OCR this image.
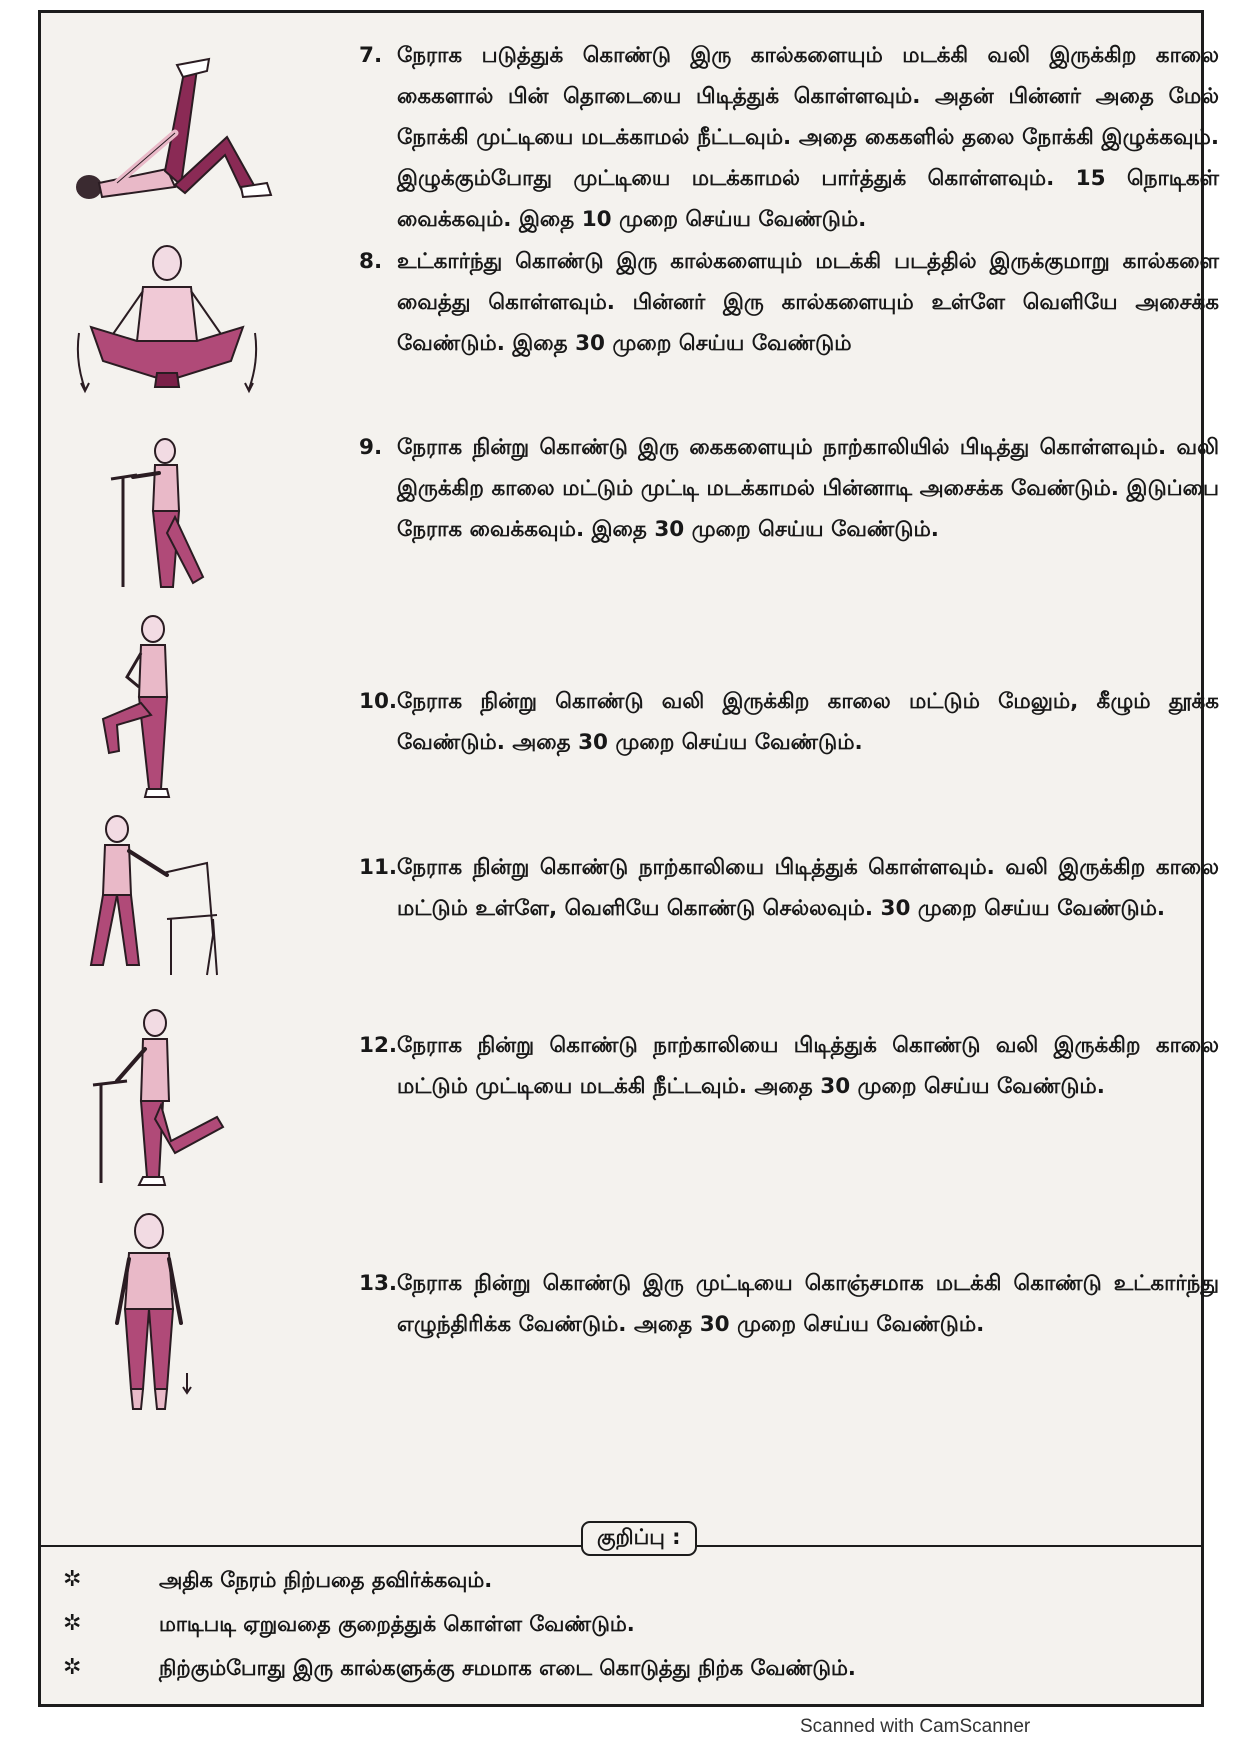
7. நேராக படுத்துக் கொண்டு இரு கால்களையும் மடக்கி வலி இருக்கிற காலை கைகளால் பின் தொடையை பிடித்துக் கொள்ளவும். அதன் பின்னர் அதை மேல் நோக்கி முட்டியை மடக்காமல் நீட்டவும். அதை கைகளில் தலை நோக்கி இழுக்கவும். இழுக்கும்போது முட்டியை மடக்காமல் பார்த்துக் கொள்ளவும். 15 நொடிகள் வைக்கவும். இதை 10 முறை செய்ய வேண்டும்.
8. உட்கார்ந்து கொண்டு இரு கால்களையும் மடக்கி படத்தில் இருக்குமாறு கால்களை வைத்து கொள்ளவும். பின்னர் இரு கால்களையும் உள்ளே வெளியே அசைக்க வேண்டும். இதை 30 முறை செய்ய வேண்டும்
9. நேராக நின்று கொண்டு இரு கைகளையும் நாற்காலியில் பிடித்து கொள்ளவும். வலி இருக்கிற காலை மட்டும் முட்டி மடக்காமல் பின்னாடி அசைக்க வேண்டும். இடுப்பை நேராக வைக்கவும். இதை 30 முறை செய்ய வேண்டும்.
10. நேராக நின்று கொண்டு வலி இருக்கிற காலை மட்டும் மேலும், கீழும் தூக்க வேண்டும். அதை 30 முறை செய்ய வேண்டும்.
11. நேராக நின்று கொண்டு நாற்காலியை பிடித்துக் கொள்ளவும். வலி இருக்கிற காலை மட்டும் உள்ளே, வெளியே கொண்டு செல்லவும். 30 முறை செய்ய வேண்டும்.
12. நேராக நின்று கொண்டு நாற்காலியை பிடித்துக் கொண்டு வலி இருக்கிற காலை மட்டும் முட்டியை மடக்கி நீட்டவும். அதை 30 முறை செய்ய வேண்டும்.
13. நேராக நின்று கொண்டு இரு முட்டியை கொஞ்சமாக மடக்கி கொண்டு உட்கார்ந்து எழுந்திரிக்க வேண்டும். அதை 30 முறை செய்ய வேண்டும்.
குறிப்பு :
✲	அதிக நேரம் நிற்பதை தவிர்க்கவும்.
✲	மாடிபடி ஏறுவதை குறைத்துக் கொள்ள வேண்டும்.
✲	நிற்கும்போது இரு கால்களுக்கு சமமாக எடை கொடுத்து நிற்க வேண்டும்.
Scanned with CamScanner
